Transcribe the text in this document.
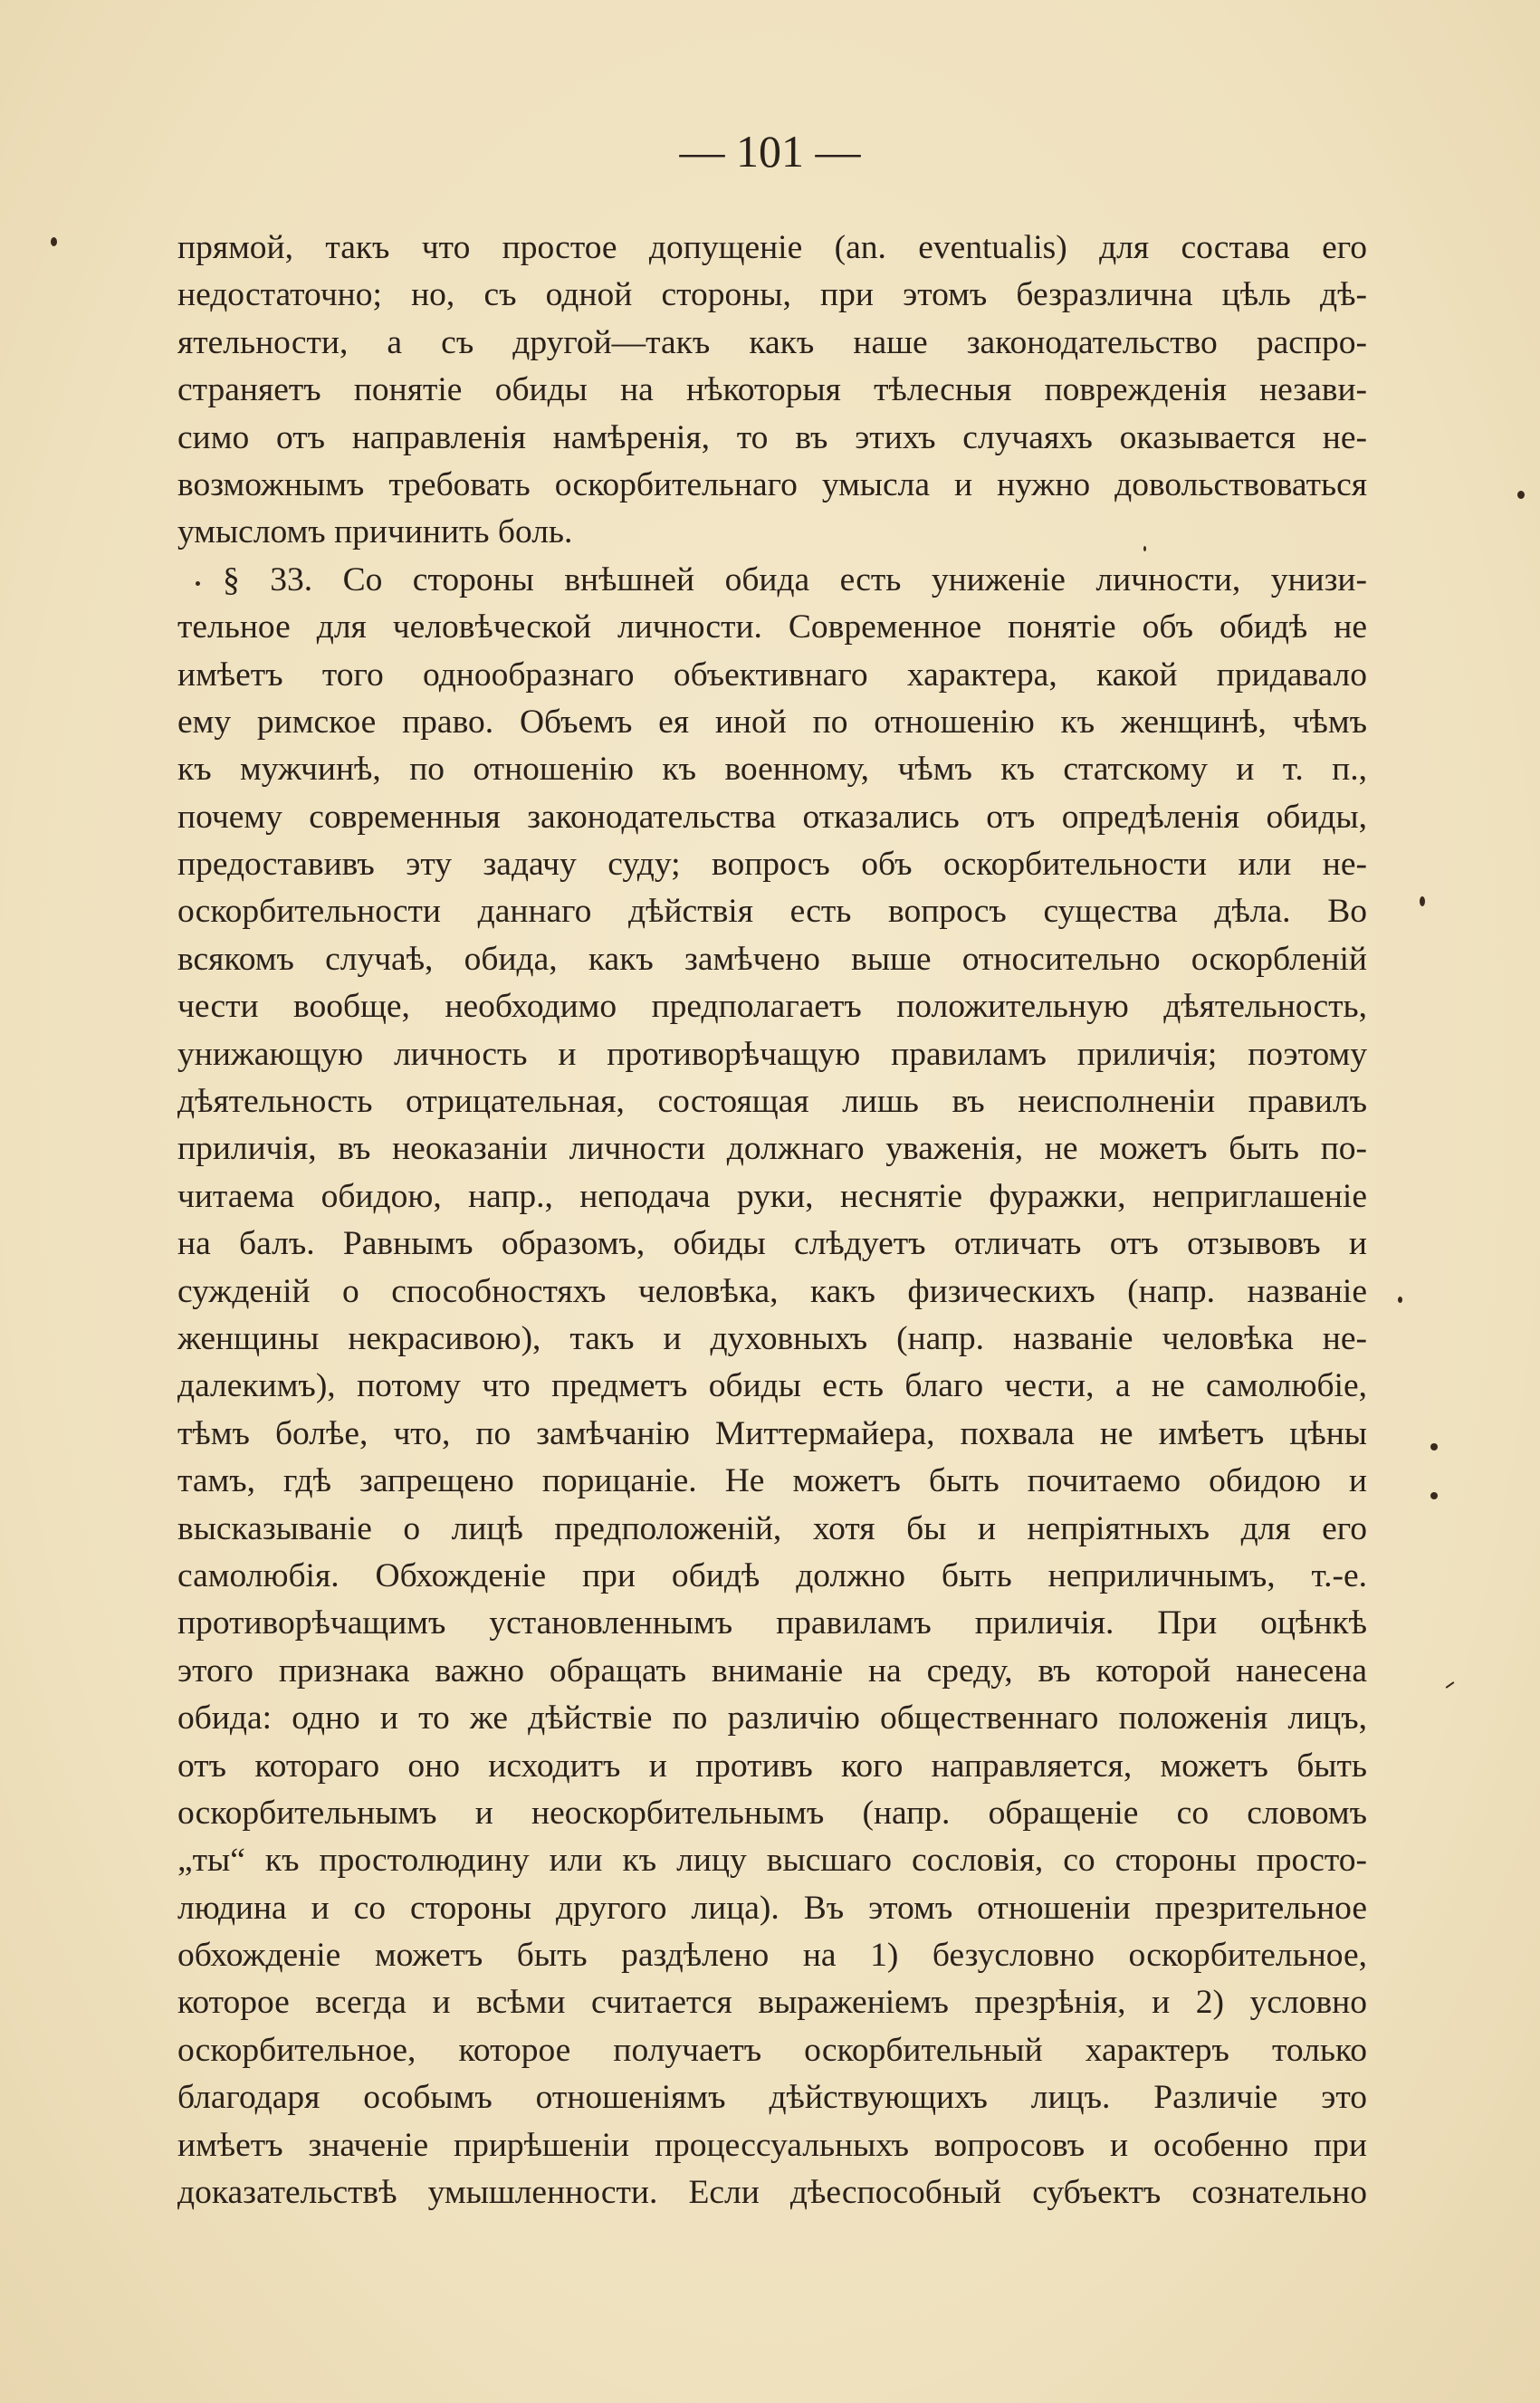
— 101 —
прямой, такъ что простое допущеніе (an. eventualis) для состава его
недостаточно; но, съ одной стороны, при этомъ безразлична цѣль дѣ-
ятельности, а съ другой—такъ какъ наше законодательство распро-
страняетъ понятіе обиды на нѣкоторыя тѣлесныя поврежденія незави-
симо отъ направленія намѣренія, то въ этихъ случаяхъ оказывается не-
возможнымъ требовать оскорбительнаго умысла и нужно довольствоваться
умысломъ причинить боль.
§ 33. Со стороны внѣшней обида есть униженіе личности, унизи-
тельное для человѣческой личности. Современное понятіе объ обидѣ не
имѣетъ того однообразнаго объективнаго характера, какой придавало
ему римское право. Объемъ ея иной по отношенію къ женщинѣ, чѣмъ
къ мужчинѣ, по отношенію къ военному, чѣмъ къ статскому и т. п.,
почему современныя законодательства отказались отъ опредѣленія обиды,
предоставивъ эту задачу суду; вопросъ объ оскорбительности или не-
оскорбительности даннаго дѣйствія есть вопросъ существа дѣла. Во
всякомъ случаѣ, обида, какъ замѣчено выше относительно оскорбленій
чести вообще, необходимо предполагаетъ положительную дѣятельность,
унижающую личность и противорѣчащую правиламъ приличія; поэтому
дѣятельность отрицательная, состоящая лишь въ неисполненіи правилъ
приличія, въ неоказаніи личности должнаго уваженія, не можетъ быть по-
читаема обидою, напр., неподача руки, неснятіе фуражки, неприглашеніе
на балъ. Равнымъ образомъ, обиды слѣдуетъ отличать отъ отзывовъ и
сужденій о способностяхъ человѣка, какъ физическихъ (напр. названіе
женщины некрасивою), такъ и духовныхъ (напр. названіе человѣка не-
далекимъ), потому что предметъ обиды есть благо чести, а не самолюбіе,
тѣмъ болѣе, что, по замѣчанію Миттермайера, похвала не имѣетъ цѣны
тамъ, гдѣ запрещено порицаніе. Не можетъ быть почитаемо обидою и
высказываніе о лицѣ предположеній, хотя бы и непріятныхъ для его
самолюбія. Обхожденіе при обидѣ должно быть неприличнымъ, т.-е.
противорѣчащимъ установленнымъ правиламъ приличія. При оцѣнкѣ
этого признака важно обращать вниманіе на среду, въ которой нанесена
обида: одно и то же дѣйствіе по различію общественнаго положенія лицъ,
отъ котораго оно исходитъ и противъ кого направляется, можетъ быть
оскорбительнымъ и неоскорбительнымъ (напр. обращеніе со словомъ
„ты“ къ простолюдину или къ лицу высшаго сословія, со стороны просто-
людина и со стороны другого лица). Въ этомъ отношеніи презрительное
обхожденіе можетъ быть раздѣлено на 1) безусловно оскорбительное,
которое всегда и всѣми считается выраженіемъ презрѣнія, и 2) условно
оскорбительное, которое получаетъ оскорбительный характеръ только
благодаря особымъ отношеніямъ дѣйствующихъ лицъ. Различіе это
имѣетъ значеніе прирѣшеніи процессуальныхъ вопросовъ и особенно при
доказательствѣ умышленности. Если дѣеспособный субъектъ сознательно
